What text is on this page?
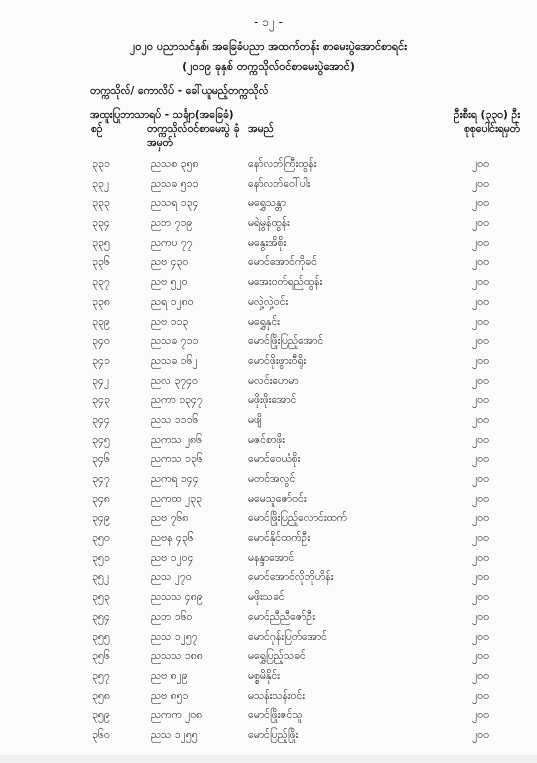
- ၁၂ -
၂၀၂၀ ပညာသင်နှစ်၊ အခြေခံပညာ အထက်တန်း စာမေးပွဲအောင်စာရင်း
(၂၀၁၉ ခုနှစ် တက္ကသိုလ်ဝင်စာမေးပွဲအောင်)
တက္ကသိုလ်/ ကောလိပ် - ခေါ်ယူမည့်တက္ကသိုလ်
အထူးပြုဘာသာရပ် - သင်္ချာ(အခြေခံ)	ဦးစီးရ (၃၃၀) ဦး
စဉ်	တက္ကသိုလ်ဝင်စာမေးပွဲ ခုံအမှတ်
အမည်	စုစုပေါင်းရမှတ်
၃၃၁	ညသစ ၃၅၈	နော်လဘ်ကြီးထွန်း	၂၀၀
၃၃၂	ညသခ ၅၁၁	နော်လဘ်ဝေါ်ပါး	၂၀၀
၃၃၃	ညသရ ၁၃၄	မရွှေသန္တာ	၂၀၀
၃၃၄	ညဘ ၇၁၉	မရဲမွန်ထွန်း	၂၀၀
၃၃၅	ညကပ ၇၇	မနွေးအိစိုး	၂၀၀
၃၃၆	ညဗ ၄၃၀	မောင်အောင်ကိုခင်	၂၀၀
၃၃၇	ညဗ ၅၂၀	မအေးဝတ်ရည်ထွန်း	၂၀၀
၃၃၈	ညရ ၁၂၈၀	မလှဲ့လှဲ့ဝင်း	၂၀၀
၃၃၉	ညဗ ၁၁၃	မရွှေနှင်း	၂၀၀
၃၄၀	ညသခ ၇၁၁	မောင်ဖြိုးပြည့်အောင်	၂၀၀
၃၄၁	ညသခ ၁၆၂	မောင်ဖိုးဖွားဝီရိုး	၂၀၀
၃၄၂	ညလ ၃၇၄၀	မလင်းဟေမာ	၂၀၀
၃၄၃	ညကာ ၁၃၄၇	မဖိုးဖိုးအောင်	၂၀၀
၃၄၄	ညသ ၁၁၁၆	မဖျိ	၂၀၀
၃၄၅	ညကသ ၂၈၆	မဇင်စာဖိုး	၂၀၀
၃၄၆	ညကသ ၁၃၆	မောင်ဝေယံစိုး	၂၀၀
၃၄၇	ညကရ ၁၄၄	မတင်အလွင်	၂၀၀
၃၄၈	ညကထ ၂၃၃	မမေသူဇော်ဝင်း	၂၀၀
၃၄၉	ညဗ ၇၆၈	မောင်ဖြိုးပြည့်လောင်းထက်	၂၀၀
၃၅၀	ညဗန ၄၃၆	မောင်နိုင်ထက်ဦး	၂၀၀
၃၅၁	ညဗ ၁၂၀၄	မနန္ဒာအောင်	၂၀၀
၃၅၂	ညသ ၂၇၀	မောင်အောင်လိုဘိုဟိန်း	၂၀၀
၃၅၃	ညသသ ၄၈၉	မဖိုးသခင်	၂၀၀
၃၅၄	ညဘ ၁၆၀	မောင်ညီညီဇော်ဦး	၂၀၀
၃၅၅	ညသ ၁၂၅၇	မောင်ဂုန်းပြတ်အောင်	၂၀၀
၃၅၆	ညသသ ၁၈၈	မရွှေပြည့်သခင်	၂၀၀
၃၅၇	ညဗ ၈၂၉	မစ္စမိနိုင်း	၂၀၀
၃၅၈	ညဗ ၈၅၁	မသန်းသန်းဝင်း	၂၀၀
၃၅၉	ညကက ၂၀၈	မောင်ဖြိုးဇင်သူ	၂၀၀
၃၆၀	ညသ ၁၂၅၅	မောင်ပြည့်ဖြိုး	၂၀၀
